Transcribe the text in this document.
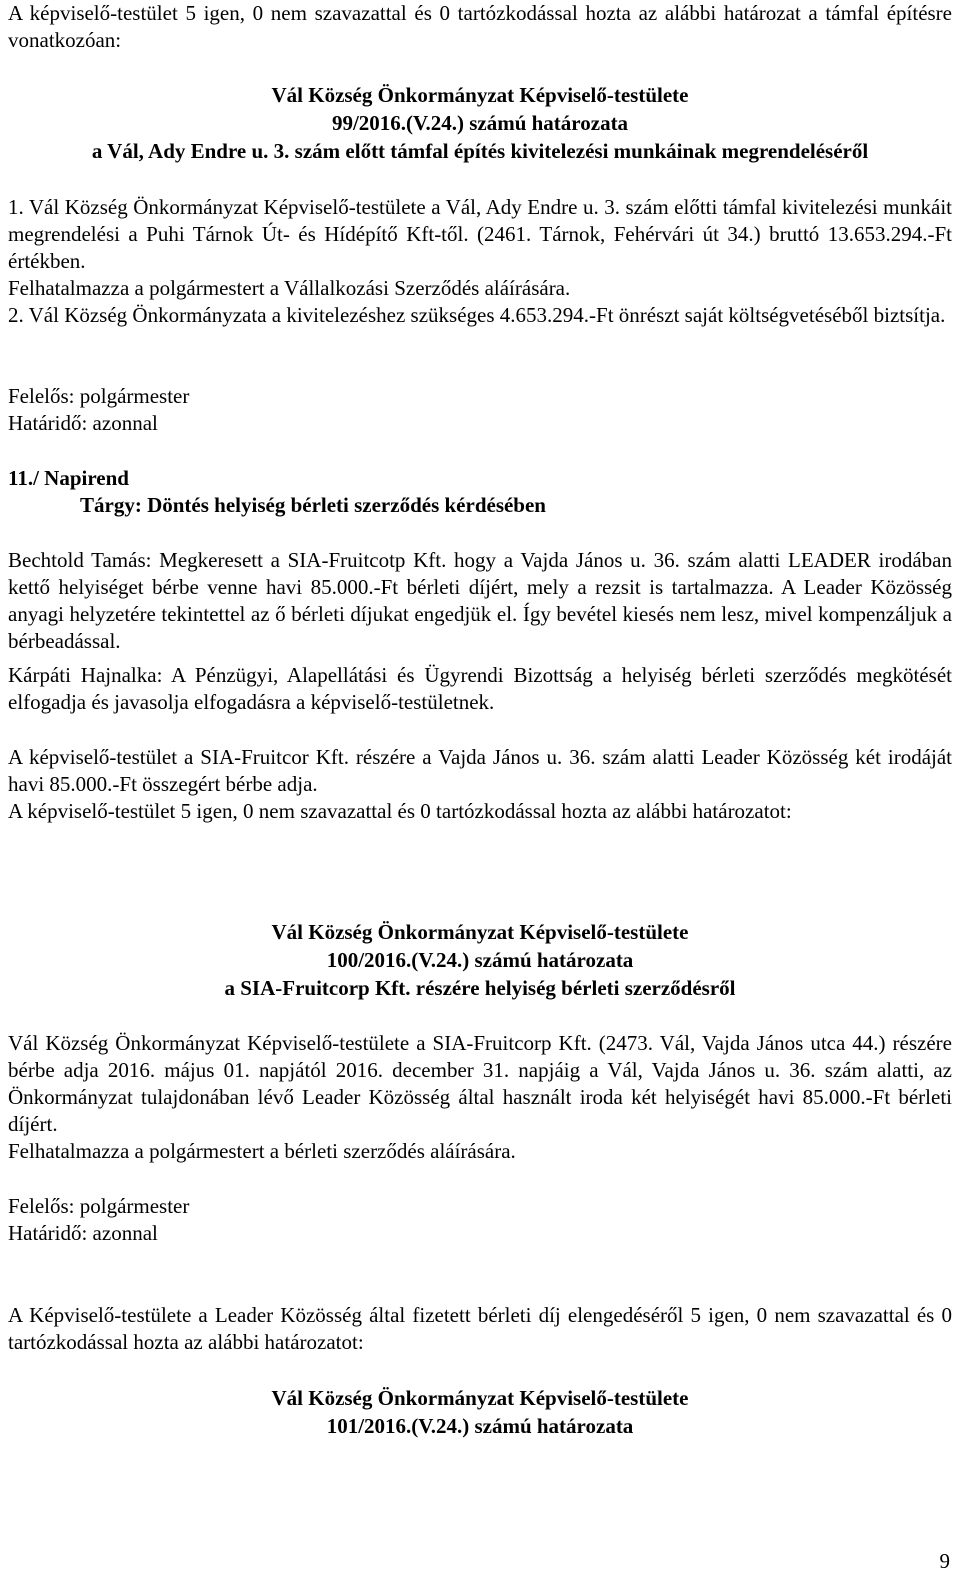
A képviselő-testület 5 igen, 0 nem szavazattal és 0 tartózkodással hozta az alábbi határozat a támfal építésre vonatkozóan:

Vál Község Önkormányzat Képviselő-testülete
99/2016.(V.24.) számú határozata
a Vál, Ady Endre u. 3. szám előtt támfal építés kivitelezési munkáinak megrendeléséről

1. Vál Község Önkormányzat Képviselő-testülete a Vál, Ady Endre u. 3. szám előtti támfal kivitelezési munkáit megrendelési a Puhi Tárnok Út- és Hídépítő Kft-től. (2461. Tárnok, Fehérvári út 34.) bruttó 13.653.294.-Ft értékben.

Felhatalmazza a polgármestert a Vállalkozási Szerződés aláírására.

2. Vál Község Önkormányzata a kivitelezéshez szükséges 4.653.294.-Ft önrészt saját költségvetéséből biztsítja.

Felelős: polgármester

Határidő: azonnal

11./ Napirend

Tárgy: Döntés helyiség bérleti szerződés kérdésében

Bechtold Tamás: Megkeresett a SIA-Fruitcotp Kft. hogy a Vajda János u. 36. szám alatti LEADER irodában kettő helyiséget bérbe venne havi 85.000.-Ft bérleti díjért, mely a rezsit is tartalmazza. A Leader Közösség anyagi helyzetére tekintettel az ő bérleti díjukat engedjük el. Így bevétel kiesés nem lesz, mivel kompenzáljuk a bérbeadással.

Kárpáti Hajnalka: A Pénzügyi, Alapellátási és Ügyrendi Bizottság a helyiség bérleti szerződés megkötését elfogadja és javasolja elfogadásra a képviselő-testületnek.

A képviselő-testület a SIA-Fruitcor Kft. részére a Vajda János u. 36. szám alatti Leader Közösség két irodáját havi 85.000.-Ft összegért bérbe adja.

A képviselő-testület 5 igen, 0 nem szavazattal és 0 tartózkodással hozta az alábbi határozatot:

Vál Község Önkormányzat Képviselő-testülete
100/2016.(V.24.) számú határozata
a SIA-Fruitcorp Kft. részére helyiség bérleti szerződésről

Vál Község Önkormányzat Képviselő-testülete a SIA-Fruitcorp Kft. (2473. Vál, Vajda János utca 44.) részére bérbe adja 2016. május 01. napjától 2016. december 31. napjáig a Vál, Vajda János u. 36. szám alatti, az Önkormányzat tulajdonában lévő Leader Közösség által használt iroda két helyiségét havi 85.000.-Ft bérleti díjért.

Felhatalmazza a polgármestert a bérleti szerződés aláírására.

Felelős: polgármester

Határidő: azonnal

A Képviselő-testülete a Leader Közösség által fizetett bérleti díj elengedéséről 5 igen, 0 nem szavazattal és 0 tartózkodással hozta az alábbi határozatot:

Vál Község Önkormányzat Képviselő-testülete
101/2016.(V.24.) számú határozata
9
